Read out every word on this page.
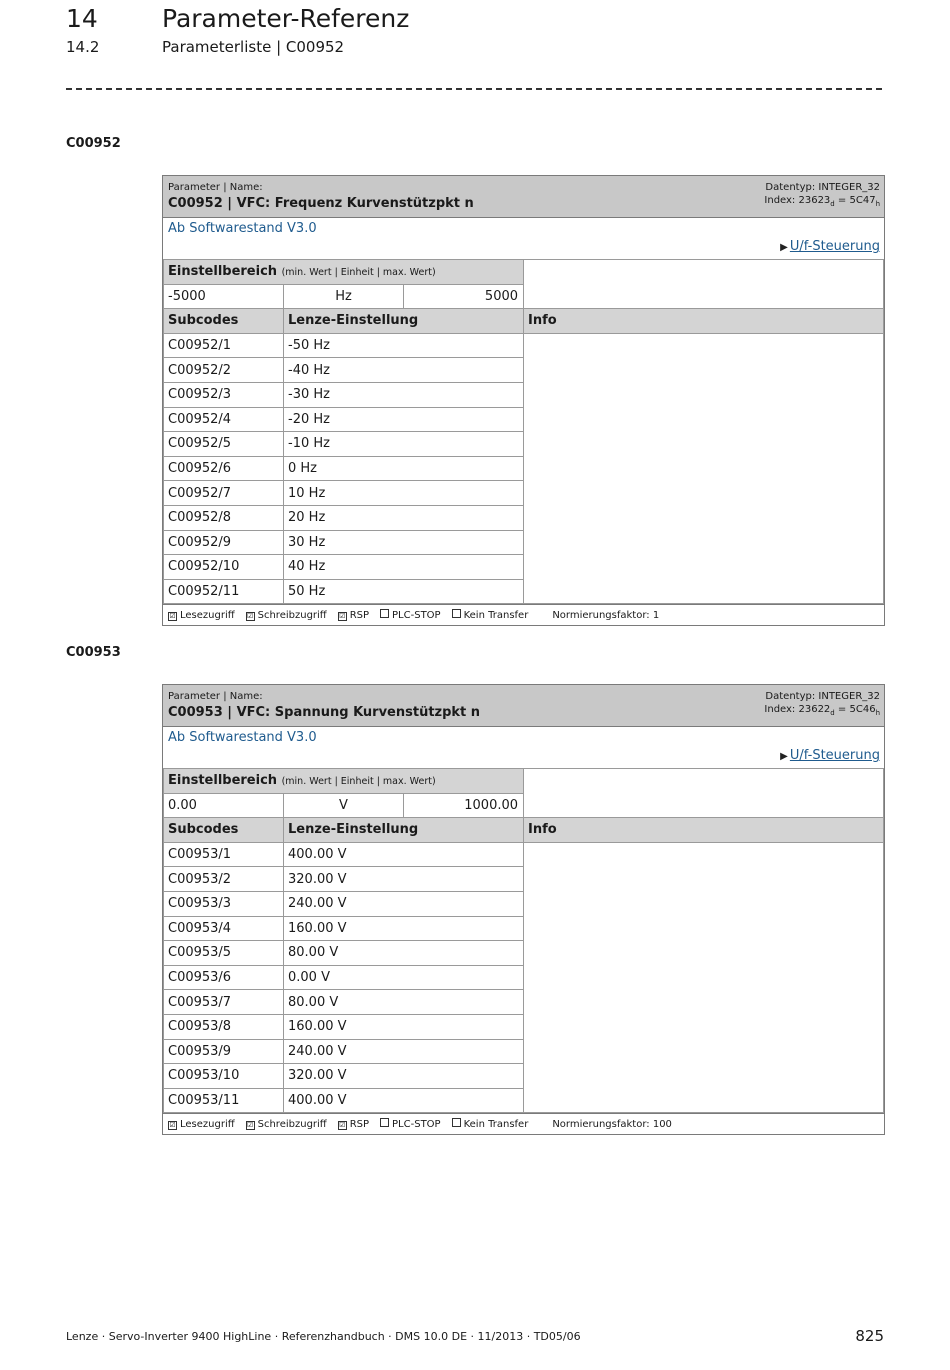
14	Parameter-Referenz
14.2	Parameterliste | C00952
C00952
Parameter | Name:
C00952 | VFC: Frequenz Kurvenstützpkt n
Datentyp: INTEGER_32
Index: $23623_d = 5C47_h$
Ab Softwarestand V3.0
▶ U/f-Steuerung
Einstellbereich (min. Wert | Einheit | max. Wert)			
-5000	Hz	5000	
Subcodes	Lenze-Einstellung		Info
C00952/1	-50 Hz		
C00952/2	-40 Hz		
C00952/3	-30 Hz		
C00952/4	-20 Hz		
C00952/5	-10 Hz		
C00952/6	0 Hz		
C00952/7	10 Hz		
C00952/8	20 Hz		
C00952/9	30 Hz		
C00952/10	40 Hz		
C00952/11	50 Hz		
☑ Lesezugriff ☑ Schreibzugriff ☑ RSP	PLC-STOP	Kein Transfer Normierungsfaktor: 1
C00953
Parameter | Name:
C00953 | VFC: Spannung Kurvenstützpkt n
Datentyp: INTEGER_32
Index: $23622_d = 5C46_h$
Ab Softwarestand V3.0
▶ U/f-Steuerung
Einstellbereich (min. Wert | Einheit | max. Wert)			
0.00	V	1000.00	
Subcodes	Lenze-Einstellung		Info
C00953/1	400.00 V		
C00953/2	320.00 V		
C00953/3	240.00 V		
C00953/4	160.00 V		
C00953/5	80.00 V		
C00953/6	0.00 V		
C00953/7	80.00 V		
C00953/8	160.00 V		
C00953/9	240.00 V		
C00953/10	320.00 V		
C00953/11	400.00 V		
☑ Lesezugriff ☑ Schreibzugriff ☑ RSP	PLC-STOP	Kein Transfer Normierungsfaktor: 100
Lenze · Servo-Inverter 9400 HighLine · Referenzhandbuch · DMS 10.0 DE · 11/2013 · TD05/06	825
